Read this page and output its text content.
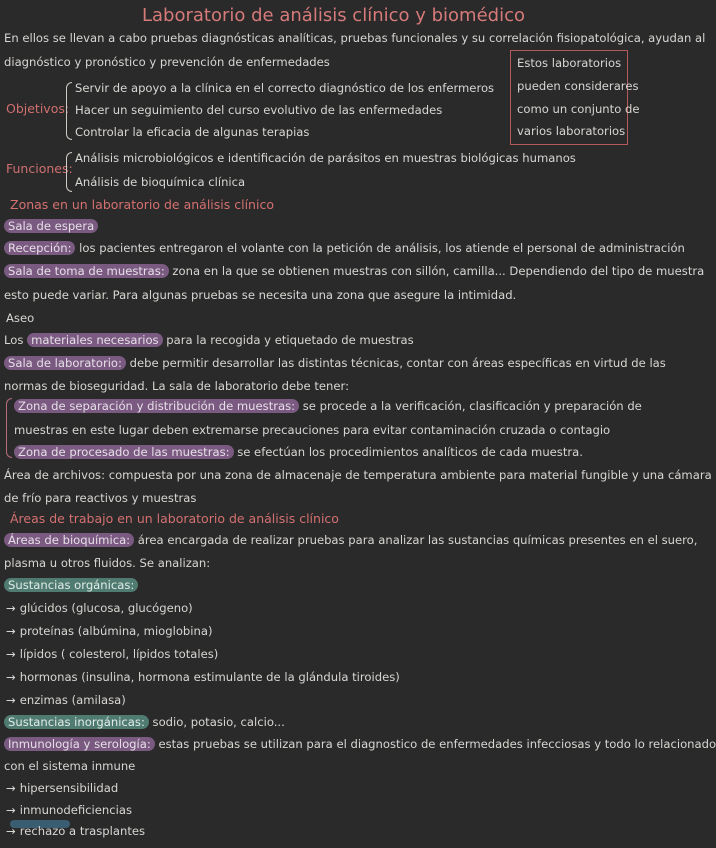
Laboratorio de análisis clínico y biomédico
En ellos se llevan a cabo pruebas diagnósticas analíticas, pruebas funcionales y su correlación fisiopatológica, ayudan al
diagnóstico y pronóstico y prevención de enfermedades	Estos laboratorios
pueden considerares
como un conjunto de
varios laboratorios
Objetivos:
Servir de apoyo a la clínica en el correcto diagnóstico de los enfermeros
Hacer un seguimiento del curso evolutivo de las enfermedades
Controlar la eficacia de algunas terapias
Funciones:
Análisis microbiológicos e identificación de parásitos en muestras biológicas humanos
Análisis de bioquímica clínica
Zonas en un laboratorio de análisis clínico
Sala de espera
Recepción: los pacientes entregaron el volante con la petición de análisis, los atiende el personal de administración
Sala de toma de muestras: zona en la que se obtienen muestras con sillón, camilla... Dependiendo del tipo de muestra
esto puede variar. Para algunas pruebas se necesita una zona que asegure la intimidad.
Aseo
Los materiales necesarios para la recogida y etiquetado de muestras
Sala de laboratorio: debe permitir desarrollar las distintas técnicas, contar con áreas específicas en virtud de las
normas de bioseguridad. La sala de laboratorio debe tener:
Zona de separación y distribución de muestras: se procede a la verificación, clasificación y preparación de
muestras en este lugar deben extremarse precauciones para evitar contaminación cruzada o contagio
Zona de procesado de las muestras: se efectúan los procedimientos analíticos de cada muestra.
Área de archivos: compuesta por una zona de almacenaje de temperatura ambiente para material fungible y una cámara
de frío para reactivos y muestras
Áreas de trabajo en un laboratorio de análisis clínico
Áreas de bioquímica: área encargada de realizar pruebas para analizar las sustancias químicas presentes en el suero,
plasma u otros fluidos. Se analizan:
Sustancias orgánicas:
→ glúcidos (glucosa, glucógeno)
→ proteínas (albúmina, mioglobina)
→ lípidos ( colesterol, lípidos totales)
→ hormonas (insulina, hormona estimulante de la glándula tiroides)
→ enzimas (amilasa)
Sustancias inorgánicas: sodio, potasio, calcio...
Inmunología y serología: estas pruebas se utilizan para el diagnostico de enfermedades infecciosas y todo lo relacionado
con el sistema inmune
→ hipersensibilidad
→ inmunodeficiencias
→ rechazo a trasplantes
